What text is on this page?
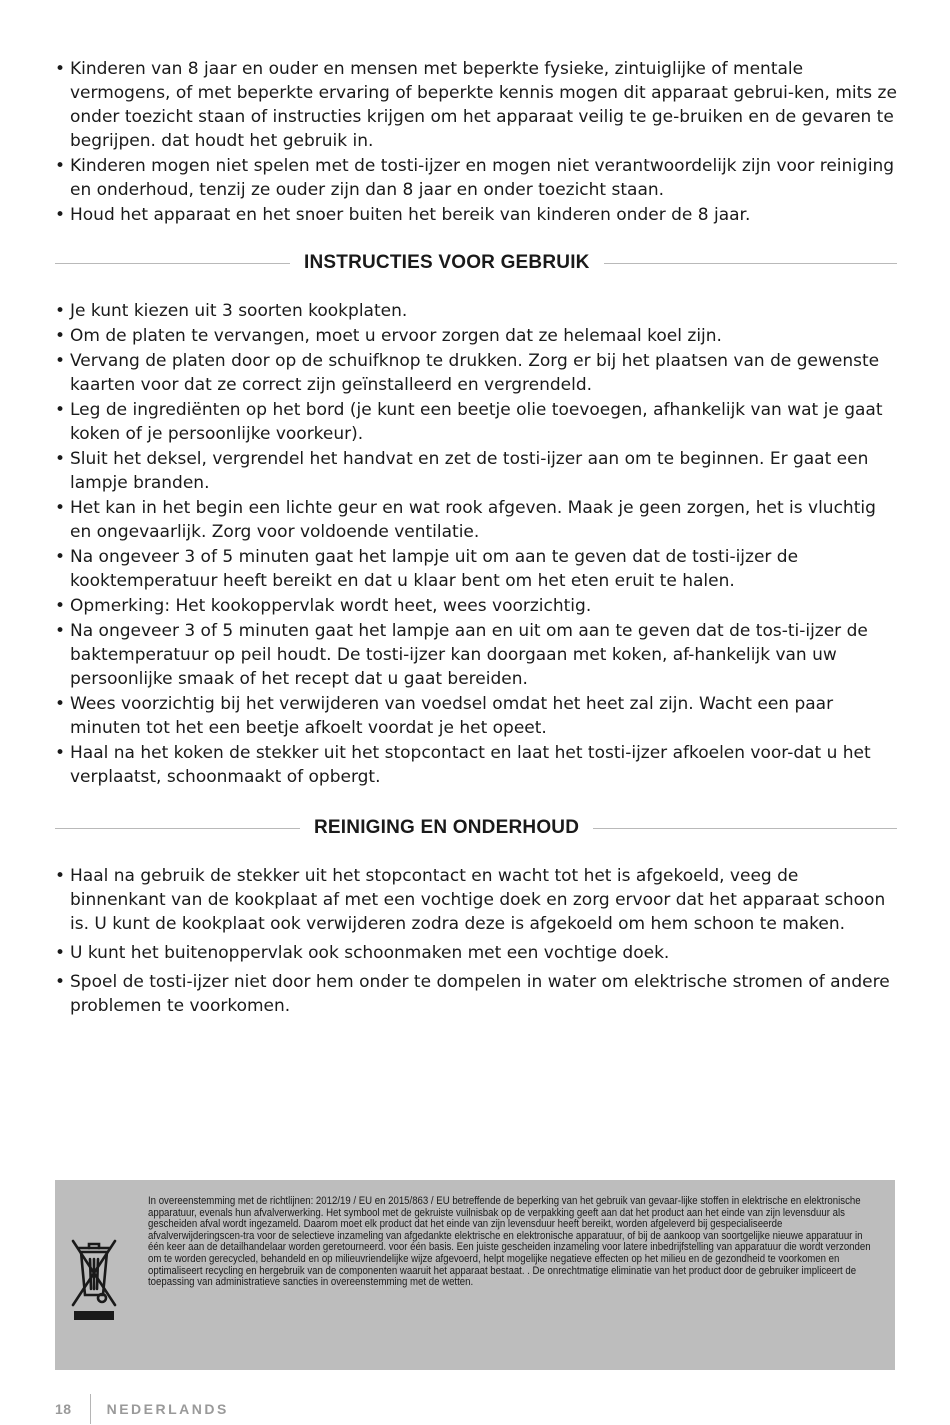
• Kinderen van 8 jaar en ouder en mensen met beperkte fysieke, zintuiglijke of mentale vermogens, of met beperkte ervaring of beperkte kennis mogen dit apparaat gebrui-ken, mits ze onder toezicht staan of instructies krijgen om het apparaat veilig te ge-bruiken en de gevaren te begrijpen. dat houdt het gebruik in.
• Kinderen mogen niet spelen met de tosti-ijzer en mogen niet verantwoordelijk zijn voor reiniging en onderhoud, tenzij ze ouder zijn dan 8 jaar en onder toezicht staan.
• Houd het apparaat en het snoer buiten het bereik van kinderen onder de 8 jaar.
INSTRUCTIES VOOR GEBRUIK
• Je kunt kiezen uit 3 soorten kookplaten.
• Om de platen te vervangen, moet u ervoor zorgen dat ze helemaal koel zijn.
• Vervang de platen door op de schuifknop te drukken. Zorg er bij het plaatsen van de gewenste kaarten voor dat ze correct zijn geïnstalleerd en vergrendeld.
• Leg de ingrediënten op het bord (je kunt een beetje olie toevoegen, afhankelijk van wat je gaat koken of je persoonlijke voorkeur).
• Sluit het deksel, vergrendel het handvat en zet de tosti-ijzer aan om te beginnen. Er gaat een lampje branden.
• Het kan in het begin een lichte geur en wat rook afgeven. Maak je geen zorgen, het is vluchtig en ongevaarlijk. Zorg voor voldoende ventilatie.
• Na ongeveer 3 of 5 minuten gaat het lampje uit om aan te geven dat de tosti-ijzer de kooktemperatuur heeft bereikt en dat u klaar bent om het eten eruit te halen.
• Opmerking: Het kookoppervlak wordt heet, wees voorzichtig.
• Na ongeveer 3 of 5 minuten gaat het lampje aan en uit om aan te geven dat de tos-ti-ijzer de baktemperatuur op peil houdt. De tosti-ijzer kan doorgaan met koken, af-hankelijk van uw persoonlijke smaak of het recept dat u gaat bereiden.
• Wees voorzichtig bij het verwijderen van voedsel omdat het heet zal zijn. Wacht een paar minuten tot het een beetje afkoelt voordat je het opeet.
• Haal na het koken de stekker uit het stopcontact en laat het tosti-ijzer afkoelen voor-dat u het verplaatst, schoonmaakt of opbergt.
REINIGING EN ONDERHOUD
• Haal na gebruik de stekker uit het stopcontact en wacht tot het is afgekoeld, veeg de binnenkant van de kookplaat af met een vochtige doek en zorg ervoor dat het apparaat schoon is. U kunt de kookplaat ook verwijderen zodra deze is afgekoeld om hem schoon te maken.
• U kunt het buitenoppervlak ook schoonmaken met een vochtige doek.
• Spoel de tosti-ijzer niet door hem onder te dompelen in water om elektrische stromen of andere problemen te voorkomen.
In overeenstemming met de richtlijnen: 2012/19 / EU en 2015/863 / EU betreffende de beperking van het gebruik van gevaar-lijke stoffen in elektrische en elektronische apparatuur, evenals hun afvalverwerking. Het symbool met de gekruiste vuilnisbak op de verpakking geeft aan dat het product aan het einde van zijn levensduur als gescheiden afval wordt ingezameld. Daarom moet elk product dat het einde van zijn levensduur heeft bereikt, worden afgeleverd bij gespecialiseerde afvalverwijderingscen-tra voor de selectieve inzameling van afgedankte elektrische en elektronische apparatuur, of bij de aankoop van soortgelijke nieuwe apparatuur in één keer aan de detailhandelaar worden geretourneerd. voor één basis. Een juiste gescheiden inzameling voor latere inbedrijfstelling van apparatuur die wordt verzonden om te worden gerecycled, behandeld en op milieuvriendelijke wijze afgevoerd, helpt mogelijke negatieve effecten op het milieu en de gezondheid te voorkomen en optimaliseert recycling en hergebruik van de componenten waaruit het apparaat bestaat. . De onrechtmatige eliminatie van het product door de gebruiker impliceert de toepassing van administratieve sancties in overeenstemming met de wetten.
18	NEDERLANDS
